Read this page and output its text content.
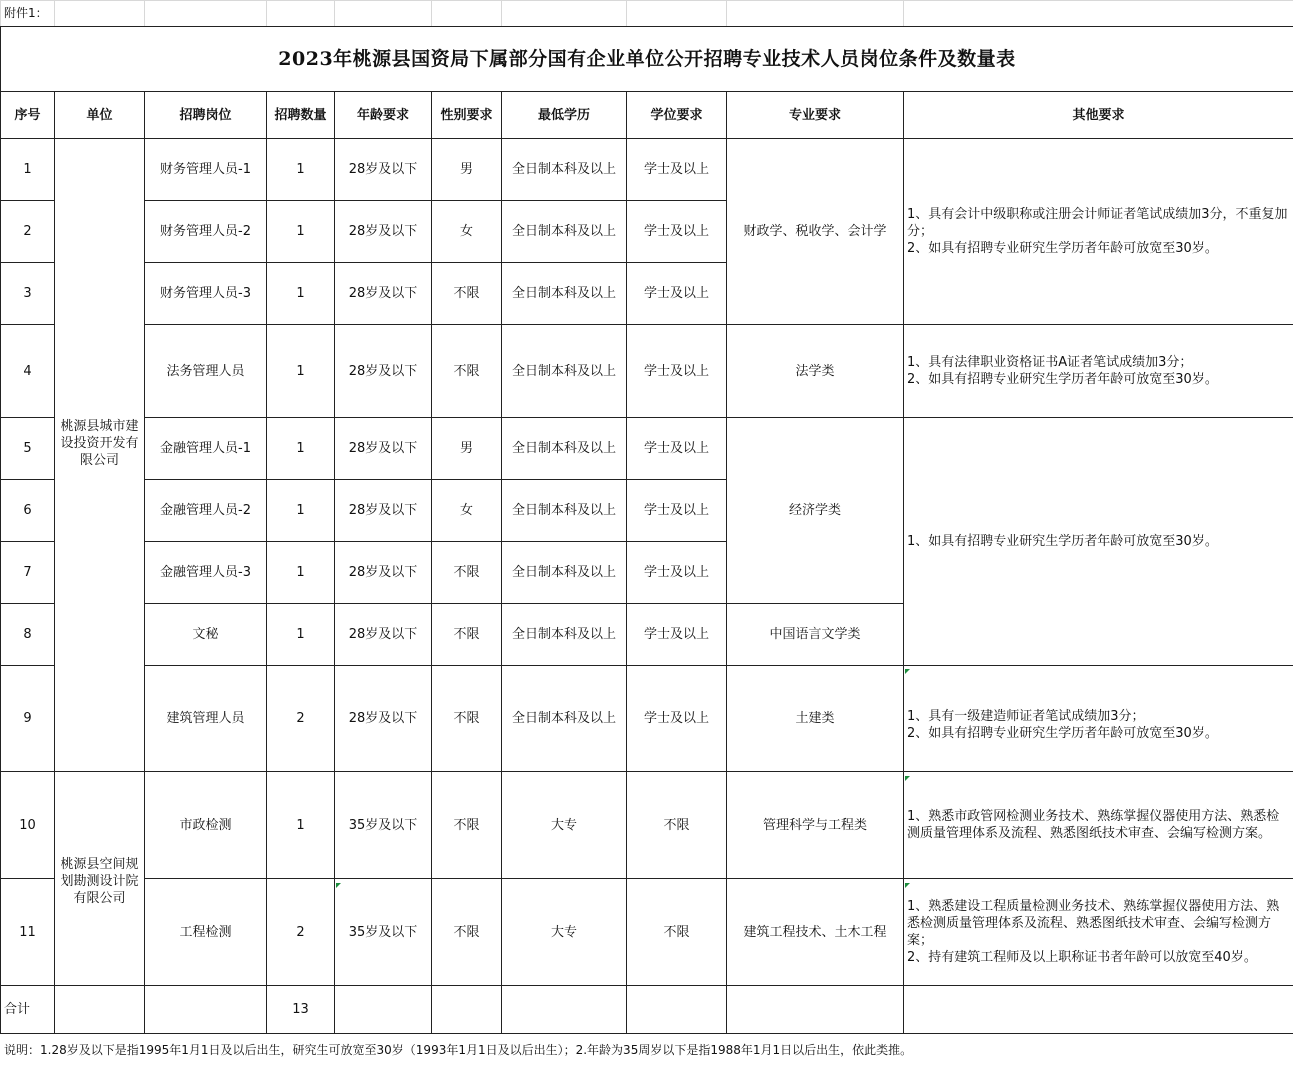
附件1：									
2023年桃源县国资局下属部分国有企业单位公开招聘专业技术人员岗位条件及数量表									
序号	单位	招聘岗位	招聘数量	年龄要求	性别要求	最低学历	学位要求	专业要求	其他要求
1	桃源县城市建设投资开发有限公司	财务管理人员-1	1	28岁及以下	男	全日制本科及以上	学士及以上	财政学、税收学、会计学	1、具有会计中级职称或注册会计师证者笔试成绩加3分，不重复加分；
2、如具有招聘专业研究生学历者年龄可放宽至30岁。
2		财务管理人员-2	1	28岁及以下	女	全日制本科及以上	学士及以上		
3		财务管理人员-3	1	28岁及以下	不限	全日制本科及以上	学士及以上		
4		法务管理人员	1	28岁及以下	不限	全日制本科及以上	学士及以上	法学类	1、具有法律职业资格证书A证者笔试成绩加3分；
2、如具有招聘专业研究生学历者年龄可放宽至30岁。
5		金融管理人员-1	1	28岁及以下	男	全日制本科及以上	学士及以上	经济学类	1、如具有招聘专业研究生学历者年龄可放宽至30岁。
6		金融管理人员-2	1	28岁及以下	女	全日制本科及以上	学士及以上		
7		金融管理人员-3	1	28岁及以下	不限	全日制本科及以上	学士及以上		
8		文秘	1	28岁及以下	不限	全日制本科及以上	学士及以上	中国语言文学类	
9		建筑管理人员	2	28岁及以下	不限	全日制本科及以上	学士及以上	土建类	1、具有一级建造师证者笔试成绩加3分；
2、如具有招聘专业研究生学历者年龄可放宽至30岁。
10	桃源县空间规划勘测设计院有限公司	市政检测	1	35岁及以下	不限	大专	不限	管理科学与工程类	1、熟悉市政管网检测业务技术、熟练掌握仪器使用方法、熟悉检测质量管理体系及流程、熟悉图纸技术审查、会编写检测方案。
11		工程检测	2	35岁及以下	不限	大专	不限	建筑工程技术、土木工程	1、熟悉建设工程质量检测业务技术、熟练掌握仪器使用方法、熟悉检测质量管理体系及流程、熟悉图纸技术审查、会编写检测方案；
2、持有建筑工程师及以上职称证书者年龄可以放宽至40岁。
合计			13						
说明：1.28岁及以下是指1995年1月1日及以后出生，研究生可放宽至30岁（1993年1月1日及以后出生）；2.年龄为35周岁以下是指1988年1月1日以后出生，依此类推。
